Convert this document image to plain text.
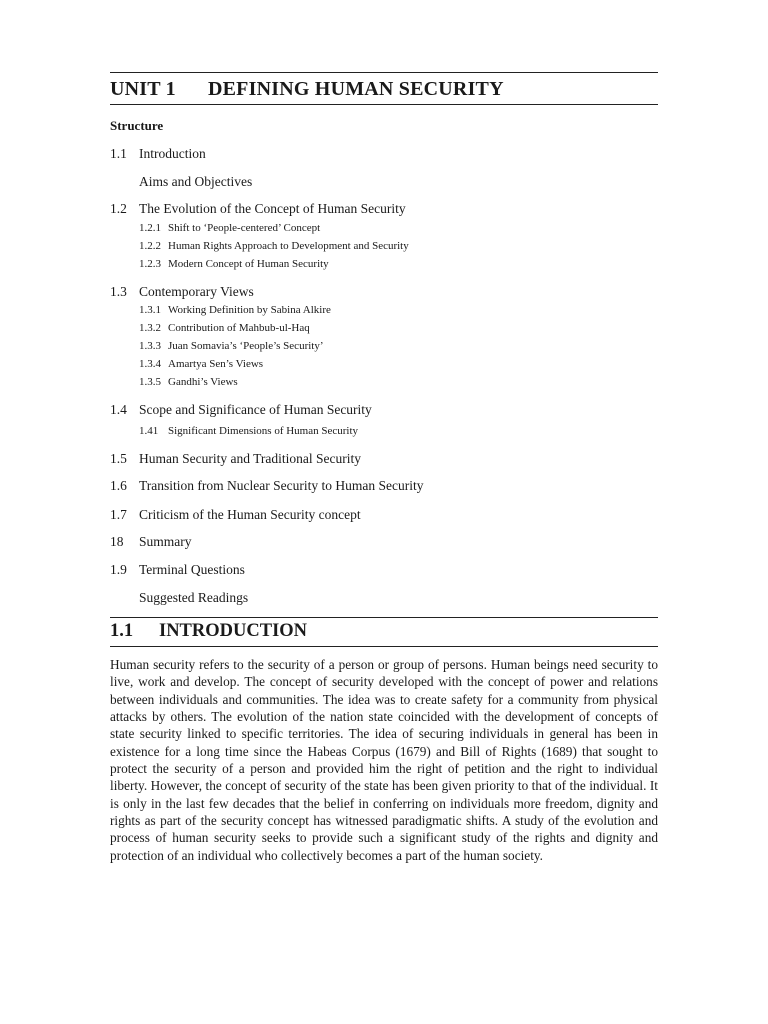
UNIT 1 DEFINING HUMAN SECURITY
Structure
1.1 Introduction
Aims and Objectives
1.2 The Evolution of the Concept of Human Security
1.2.1 Shift to ‘People-centered’ Concept
1.2.2 Human Rights Approach to Development and Security
1.2.3 Modern Concept of Human Security
1.3 Contemporary Views
1.3.1 Working Definition by Sabina Alkire
1.3.2 Contribution of Mahbub-ul-Haq
1.3.3 Juan Somavia’s ‘People’s Security’
1.3.4 Amartya Sen’s Views
1.3.5 Gandhi’s Views
1.4 Scope and Significance of Human Security
1.41 Significant Dimensions of Human Security
1.5 Human Security and Traditional Security
1.6 Transition from Nuclear Security to Human Security
1.7 Criticism of the Human Security concept
18 Summary
1.9 Terminal Questions
Suggested Readings
1.1 INTRODUCTION

Human security refers to the security of a person or group of persons. Human beings need security to live, work and develop. The concept of security developed with the concept of power and relations between individuals and communities. The idea was to create safety for a community from physical attacks by others. The evolution of the nation state coincided with the development of concepts of state security linked to specific territories. The idea of securing individuals in general has been in existence for a long time since the Habeas Corpus (1679) and Bill of Rights (1689) that sought to protect the security of a person and provided him the right of petition and the right to individual liberty. However, the concept of security of the state has been given priority to that of the individual. It is only in the last few decades that the belief in conferring on individuals more freedom, dignity and rights as part of the security concept has witnessed paradigmatic shifts. A study of the evolution and process of human security seeks to provide such a significant study of the rights and dignity and protection of an individual who collectively becomes a part of the human society.
